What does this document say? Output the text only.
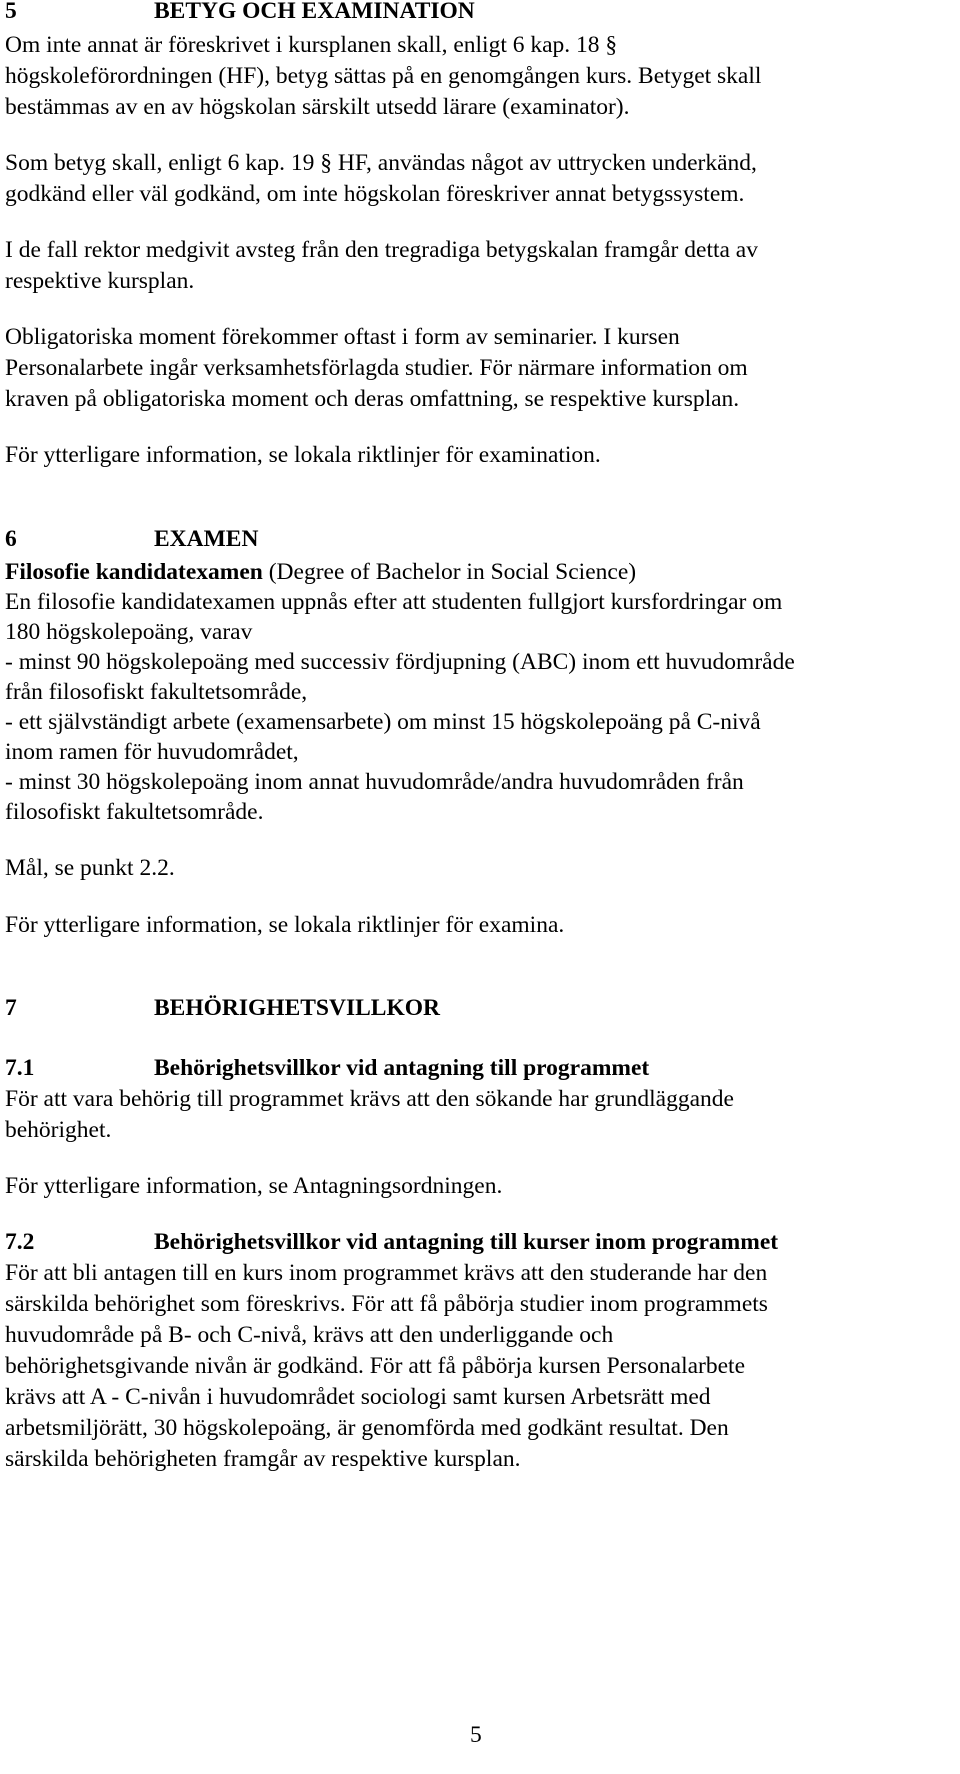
5	BETYG OCH EXAMINATION
Om inte annat är föreskrivet i kursplanen skall, enligt 6 kap. 18 §
högskoleförordningen (HF), betyg sättas på en genomgången kurs. Betyget skall
bestämmas av en av högskolan särskilt utsedd lärare (examinator).
Som betyg skall, enligt 6 kap. 19 § HF, användas något av uttrycken underkänd,
godkänd eller väl godkänd, om inte högskolan föreskriver annat betygssystem.
I de fall rektor medgivit avsteg från den tregradiga betygskalan framgår detta av
respektive kursplan.
Obligatoriska moment förekommer oftast i form av seminarier. I kursen
Personalarbete ingår verksamhetsförlagda studier. För närmare information om
kraven på obligatoriska moment och deras omfattning, se respektive kursplan.
För ytterligare information, se lokala riktlinjer för examination.
6	EXAMEN
Filosofie kandidatexamen (Degree of Bachelor in Social Science)
En filosofie kandidatexamen uppnås efter att studenten fullgjort kursfordringar om
180 högskolepoäng, varav
- minst 90 högskolepoäng med successiv fördjupning (ABC) inom ett huvudområde
från filosofiskt fakultetsområde,
- ett självständigt arbete (examensarbete) om minst 15 högskolepoäng på C-nivå
inom ramen för huvudområdet,
- minst 30 högskolepoäng inom annat huvudområde/andra huvudområden från
filosofiskt fakultetsområde.
Mål, se punkt 2.2.
För ytterligare information, se lokala riktlinjer för examina.
7	BEHÖRIGHETSVILLKOR
7.1	Behörighetsvillkor vid antagning till programmet
För att vara behörig till programmet krävs att den sökande har grundläggande
behörighet.
För ytterligare information, se Antagningsordningen.
7.2	Behörighetsvillkor vid antagning till kurser inom programmet
För att bli antagen till en kurs inom programmet krävs att den studerande har den
särskilda behörighet som föreskrivs. För att få påbörja studier inom programmets
huvudområde på B- och C-nivå, krävs att den underliggande och
behörighetsgivande nivån är godkänd. För att få påbörja kursen Personalarbete
krävs att A - C-nivån i huvudområdet sociologi samt kursen Arbetsrätt med
arbetsmiljörätt, 30 högskolepoäng, är genomförda med godkänt resultat. Den
särskilda behörigheten framgår av respektive kursplan.
5
